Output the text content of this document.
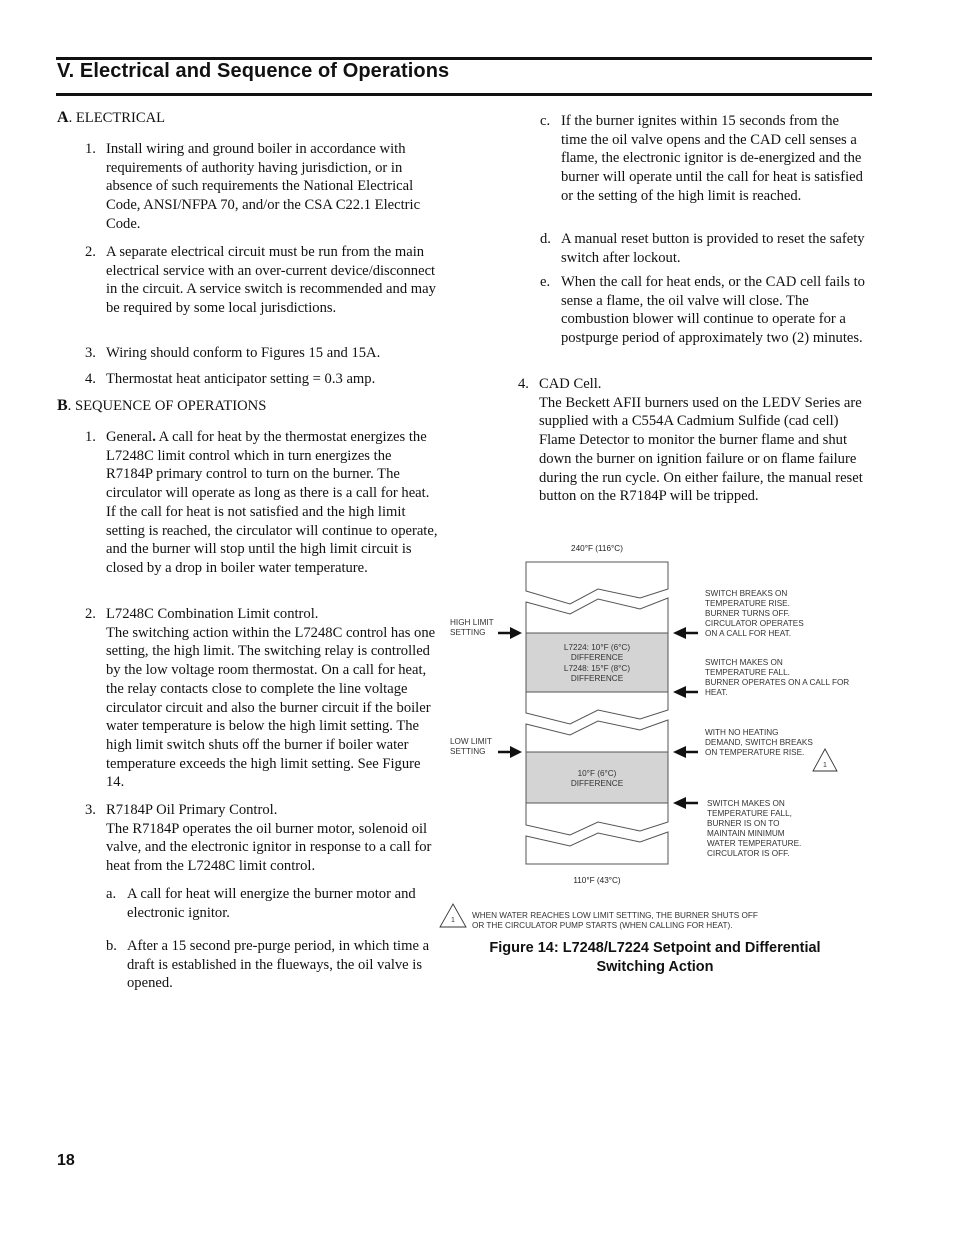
V. Electrical and Sequence of Operations
A. ELECTRICAL
1. Install wiring and ground boiler in accordance with requirements of authority having jurisdiction, or in absence of such requirements the National Electrical Code, ANSI/NFPA 70, and/or the CSA C22.1 Electric Code.

2. A separate electrical circuit must be run from the main electrical service with an over-current device/disconnect in the circuit. A service switch is recommended and may be required by some local jurisdictions.

3. Wiring should conform to Figures 15 and 15A.

4. Thermostat heat anticipator setting = 0.3 amp.

B. SEQUENCE OF OPERATIONS
1. General. A call for heat by the thermostat energizes the L7248C limit control which in turn energizes the R7184P primary control to turn on the burner. The circulator will operate as long as there is a call for heat. If the call for heat is not satisfied and the high limit setting is reached, the circulator will continue to operate, and the burner will stop until the high limit circuit is closed by a drop in boiler water temperature.

2. L7248C Combination Limit control.

The switching action within the L7248C control has one setting, the high limit. The switching relay is controlled by the low voltage room thermostat. On a call for heat, the relay contacts close to complete the line voltage circulator circuit and also the burner circuit if the boiler water temperature is below the high limit setting. The high limit switch shuts off the burner if boiler water temperature exceeds the high limit setting. See Figure 14.

3. R7184P Oil Primary Control.

The R7184P operates the oil burner motor, solenoid oil valve, and the electronic ignitor in response to a call for heat from the L7248C limit control.

a. A call for heat will energize the burner motor and electronic ignitor.

b. After a 15 second pre-purge period, in which time a draft is established in the flueways, the oil valve is opened.

c. If the burner ignites within 15 seconds from the time the oil valve opens and the CAD cell senses a flame, the electronic ignitor is de-energized and the burner will operate until the call for heat is satisfied or the setting of the high limit is reached.

d. A manual reset button is provided to reset the safety switch after lockout.

e. When the call for heat ends, or the CAD cell fails to sense a flame, the oil valve will close. The combustion blower will continue to operate for a postpurge period of approximately two (2) minutes.

4. CAD Cell.

The Beckett AFII burners used on the LEDV Series are supplied with a C554A Cadmium Sulfide (cad cell) Flame Detector to monitor the burner flame and shut down the burner on ignition failure or on flame failure during the run cycle. On either failure, the manual reset button on the R7184P will be tripped.

240°F (116°C)
110°F (43°C)
L7224: 10°F (6°C)
DIFFERENCE
L7248: 15°F (8°C)
DIFFERENCE
10°F (6°C)
DIFFERENCE
HIGH LIMIT
SETTING
LOW LIMIT
SETTING
SWITCH BREAKS ON
TEMPERATURE RISE.
BURNER TURNS OFF.
CIRCULATOR OPERATES
ON A CALL FOR HEAT.
SWITCH MAKES ON
TEMPERATURE FALL.
BURNER OPERATES ON A CALL FOR
HEAT.
WITH NO HEATING
DEMAND, SWITCH BREAKS
ON TEMPERATURE RISE.
SWITCH MAKES ON
TEMPERATURE FALL,
BURNER IS ON TO
MAINTAIN MINIMUM
WATER TEMPERATURE.
CIRCULATOR IS OFF.
1
1
WHEN WATER REACHES LOW LIMIT SETTING, THE BURNER SHUTS OFF
OR THE CIRCULATOR PUMP STARTS (WHEN CALLING FOR HEAT).

Figure 14: L7248/L7224 Setpoint and Differential
Switching Action

18
